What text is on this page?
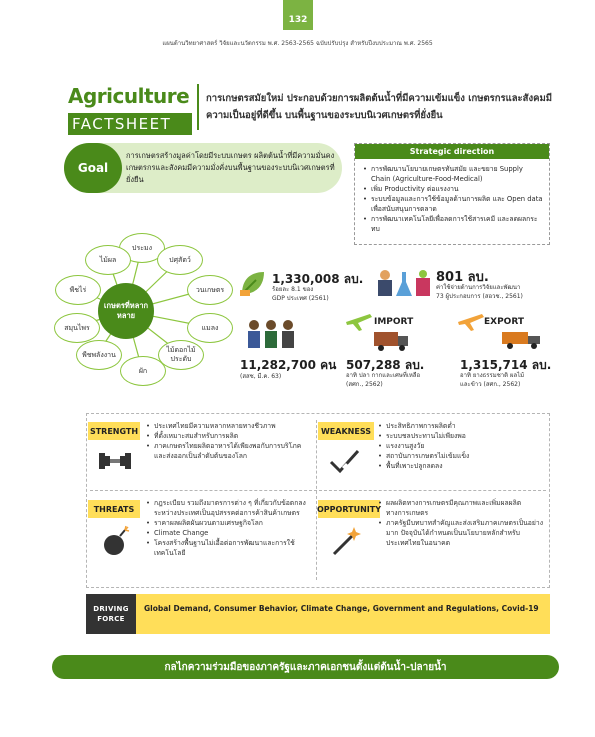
132
แผนด้านวิทยาศาสตร์ วิจัยและนวัตกรรม พ.ศ. 2563-2565 ฉบับปรับปรุง สำหรับปีงบประมาณ พ.ศ. 2565
Agriculture
FACTSHEET
การเกษตรสมัยใหม่ ประกอบด้วยการผลิตต้นน้ำที่มีความเข้มแข็ง เกษตรกรและสังคมมีความเป็นอยู่ที่ดีขึ้น บนพื้นฐานของระบบนิเวศเกษตรที่ยั่งยืน
Goal
การเกษตรสร้างมูลค่าโดยมีระบบเกษตร ผลิตต้นน้ำที่มีความมั่นคง เกษตรกรและสังคมมีความมั่งคั่งบนพื้นฐานของระบบนิเวศเกษตรที่ยั่งยืน
Strategic direction
• การพัฒนานโยบายเกษตรทันสมัย และขยาย Supply Chain (Agriculture-Food-Medical)
• เพิ่ม Productivity ต่อแรงงาน
• ระบบข้อมูลและการใช้ข้อมูลด้านการผลิต และ Open data เพื่อสนับสนุนการตลาด
• การพัฒนาเทคโนโลยีเพื่อลดการใช้สารเคมี และลดผลกระทบ
ประมง
ปศุสัตว์
วนเกษตร
แมลง
ไม้ดอกไม้ประดับ
ผัก
พืชพลังงาน
สมุนไพร
พืชไร่
ไม้ผล
เกษตรที่หลากหลาย
1,330,008 ลบ.
ร้อยละ 8.1 ของ
GDP ประเทศ (2561)
801 ลบ.
ค่าใช้จ่ายด้านการวิจัยและพัฒนา
73 ผู้ประกอบการ (สอวช., 2561)
11,282,700 คน
(สสช, มี.ค. 63)
IMPORT
507,288 ลบ.
อาทิ ปลา กากและเศษที่เหลือ
(สศก., 2562)
EXPORT
1,315,714 ลบ.
อาทิ ยางธรรมชาติ ผลไม้
และข้าว (สศก., 2562)
STRENGTH
• ประเทศไทยมีความหลากหลายทางชีวภาพ
• ที่ตั้งเหมาะสมสำหรับการผลิต
• ภาคเกษตรไทยผลิตอาหารได้เพียงพอกับการบริโภคและส่งออกเป็นลำดับต้นของโลก
WEAKNESS
• ประสิทธิภาพการผลิตต่ำ
• ระบบชลประทานไม่เพียงพอ
• แรงงานสูงวัย
• สถาบันการเกษตรไม่เข้มแข็ง
• พื้นที่เพาะปลูกลดลง
THREATS
• กฎระเบียบ รวมถึงมาตรการต่าง ๆ ที่เกี่ยวกับข้อตกลงระหว่างประเทศเป็นอุปสรรคต่อการค้าสินค้าเกษตร
• ราคาผลผลิตผันผวนตามเศรษฐกิจโลก
• Climate Change
• โครงสร้างพื้นฐานไม่เอื้อต่อการพัฒนาและการใช้เทคโนโลยี
OPPORTUNITY
• ผลผลิตทางการเกษตรมีคุณภาพและเพิ่มผลผลิตทางการเกษตร
• ภาครัฐมีบทบาทสำคัญและส่งเสริมภาคเกษตรเป็นอย่างมาก ปัจจุบันได้กำหนดเป็นนโยบายหลักสำหรับประเทศไทยในอนาคต
DRIVING
FORCE
Global Demand, Consumer Behavior, Climate Change, Government and Regulations, Covid-19
กลไกความร่วมมือของภาครัฐและภาคเอกชนตั้งแต่ต้นน้ำ-ปลายน้ำ
